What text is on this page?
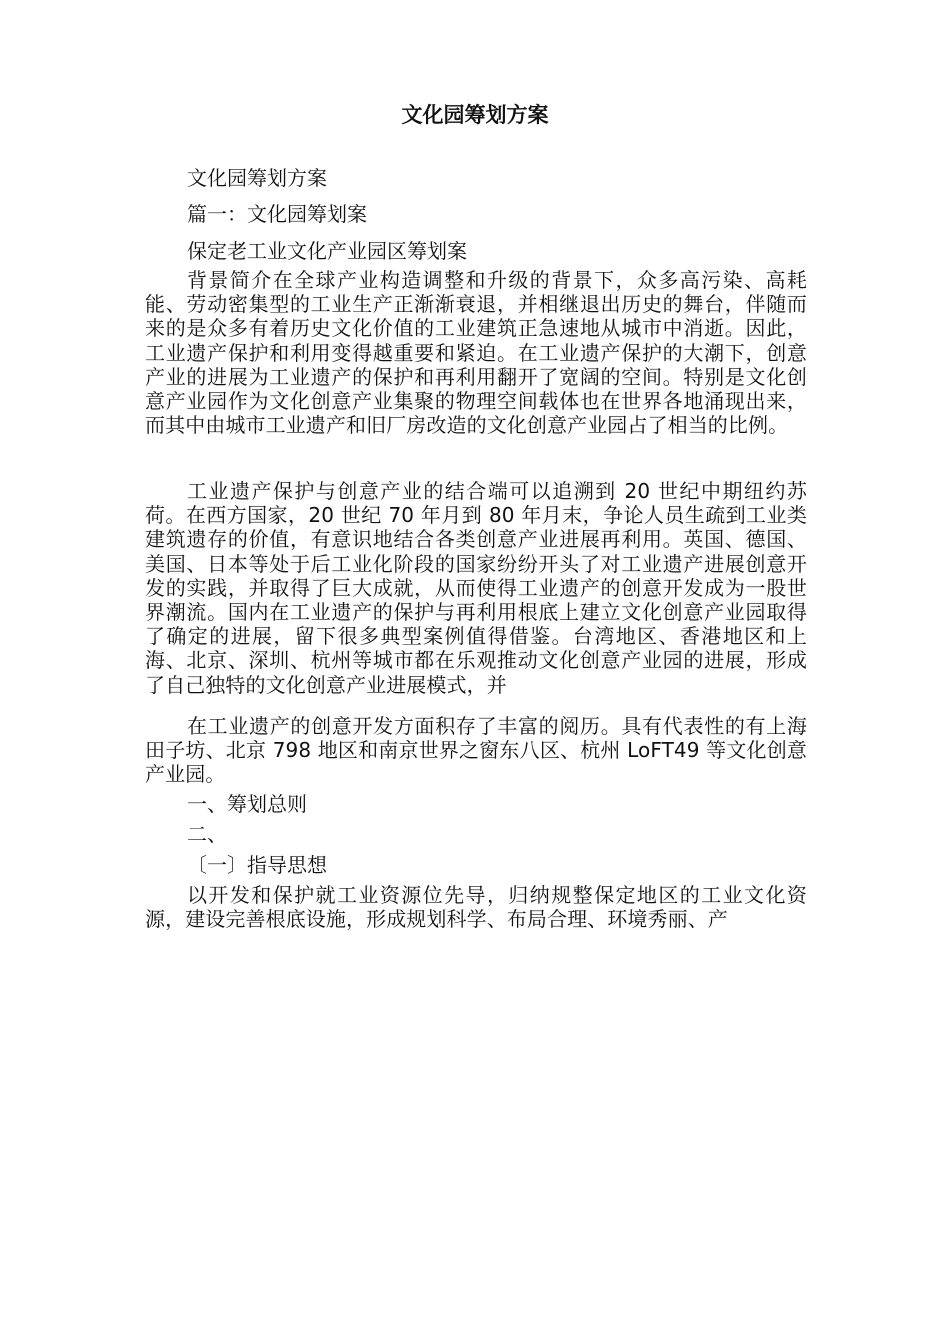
文化园筹划方案

文化园筹划方案

篇一：文化园筹划案

保定老工业文化产业园区筹划案

背景简介在全球产业构造调整和升级的背景下，众多高污染、高耗能、劳动密集型的工业生产正渐渐衰退，并相继退出历史的舞台，伴随而来的是众多有着历史文化价值的工业建筑正急速地从城市中消逝。因此，工业遗产保护和利用变得越重要和紧迫。在工业遗产保护的大潮下，创意产业的进展为工业遗产的保护和再利用翻开了宽阔的空间。特别是文化创意产业园作为文化创意产业集聚的物理空间载体也在世界各地涌现出来，而其中由城市工业遗产和旧厂房改造的文化创意产业园占了相当的比例。

工业遗产保护与创意产业的结合端可以追溯到 20 世纪中期纽约苏荷。在西方国家，20 世纪 70 年月到 80 年月末，争论人员生疏到工业类建筑遗存的价值，有意识地结合各类创意产业进展再利用。英国、德国、美国、日本等处于后工业化阶段的国家纷纷开头了对工业遗产进展创意开发的实践，并取得了巨大成就，从而使得工业遗产的创意开发成为一股世界潮流。国内在工业遗产的保护与再利用根底上建立文化创意产业园取得了确定的进展，留下很多典型案例值得借鉴。台湾地区、香港地区和上海、北京、深圳、杭州等城市都在乐观推动文化创意产业园的进展，形成了自己独特的文化创意产业进展模式，并

在工业遗产的创意开发方面积存了丰富的阅历。具有代表性的有上海田子坊、北京 798 地区和南京世界之窗东八区、杭州 LoFT49 等文化创意产业园。

一、筹划总则

二、

〔一〕指导思想

以开发和保护就工业资源位先导，归纳规整保定地区的工业文化资源，建设完善根底设施，形成规划科学、布局合理、环境秀丽、产
